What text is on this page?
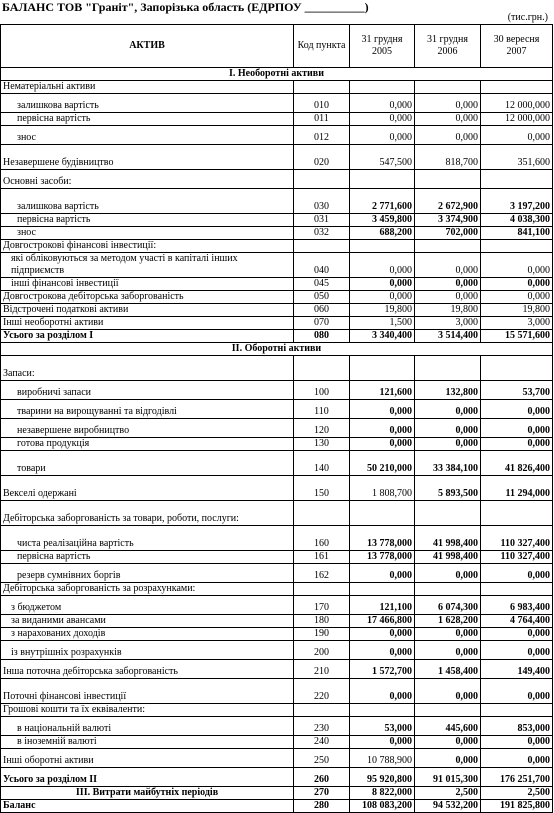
БАЛАНС ТОВ "Граніт", Запорізька область (ЕДРПОУ __________)
(тис.грн.)
АКТИВ	Код пункта	31 грудня 2005	31 грудня 2006	30 вересня 2007
І. Необоротні активи				
Нематеріальні активи				
залишкова вартість	010	0,000	0,000	12 000,000
первісна вартість	011	0,000	0,000	12 000,000
знос	012	0,000	0,000	0,000
Незавершене будівництво	020	547,500	818,700	351,600
Основні засоби:				
залишкова вартість	030	2 771,600	2 672,900	3 197,200
первісна вартість	031	3 459,800	3 374,900	4 038,300
знос	032	688,200	702,000	841,100
Довгострокові фінансові інвестиції:				
які обліковуються за методом участі в капіталі інших підприємств	040	0,000	0,000	0,000
інші фінансові інвестиції	045	0,000	0,000	0,000
Довгострокова дебіторська заборгованість	050	0,000	0,000	0,000
Відстрочені податкові активи	060	19,800	19,800	19,800
Інші необоротні активи	070	1,500	3,000	3,000
Усього за розділом І	080	3 340,400	3 514,400	15 571,600
ІІ. Оборотні активи				
Запаси:				
виробничі запаси	100	121,600	132,800	53,700
тварини на вирощуванні та відгодівлі	110	0,000	0,000	0,000
незавершене виробництво	120	0,000	0,000	0,000
готова продукція	130	0,000	0,000	0,000
товари	140	50 210,000	33 384,100	41 826,400
Векселі одержані	150	1 808,700	5 893,500	11 294,000
Дебіторська заборгованість за товари, роботи, послуги:				
чиста реалізаційна вартість	160	13 778,000	41 998,400	110 327,400
первісна вартість	161	13 778,000	41 998,400	110 327,400
резерв сумнівних боргів	162	0,000	0,000	0,000
Дебіторська заборгованість за розрахунками:				
з бюджетом	170	121,100	6 074,300	6 983,400
за виданими авансами	180	17 466,800	1 628,200	4 764,400
з нарахованих доходів	190	0,000	0,000	0,000
із внутрішніх розрахунків	200	0,000	0,000	0,000
Інша поточна дебіторська заборгованість	210	1 572,700	1 458,400	149,400
Поточні фінансові інвестиції	220	0,000	0,000	0,000
Грошові кошти та їх еквіваленти:				
в національній валюті	230	53,000	445,600	853,000
в іноземній валюті	240	0,000	0,000	0,000
Інші оборотні активи	250	10 788,900	0,000	0,000
Усього за розділом ІІ	260	95 920,800	91 015,300	176 251,700
ІІІ. Витрати майбутніх періодів	270	8 822,000	2,500	2,500
Баланс	280	108 083,200	94 532,200	191 825,800
